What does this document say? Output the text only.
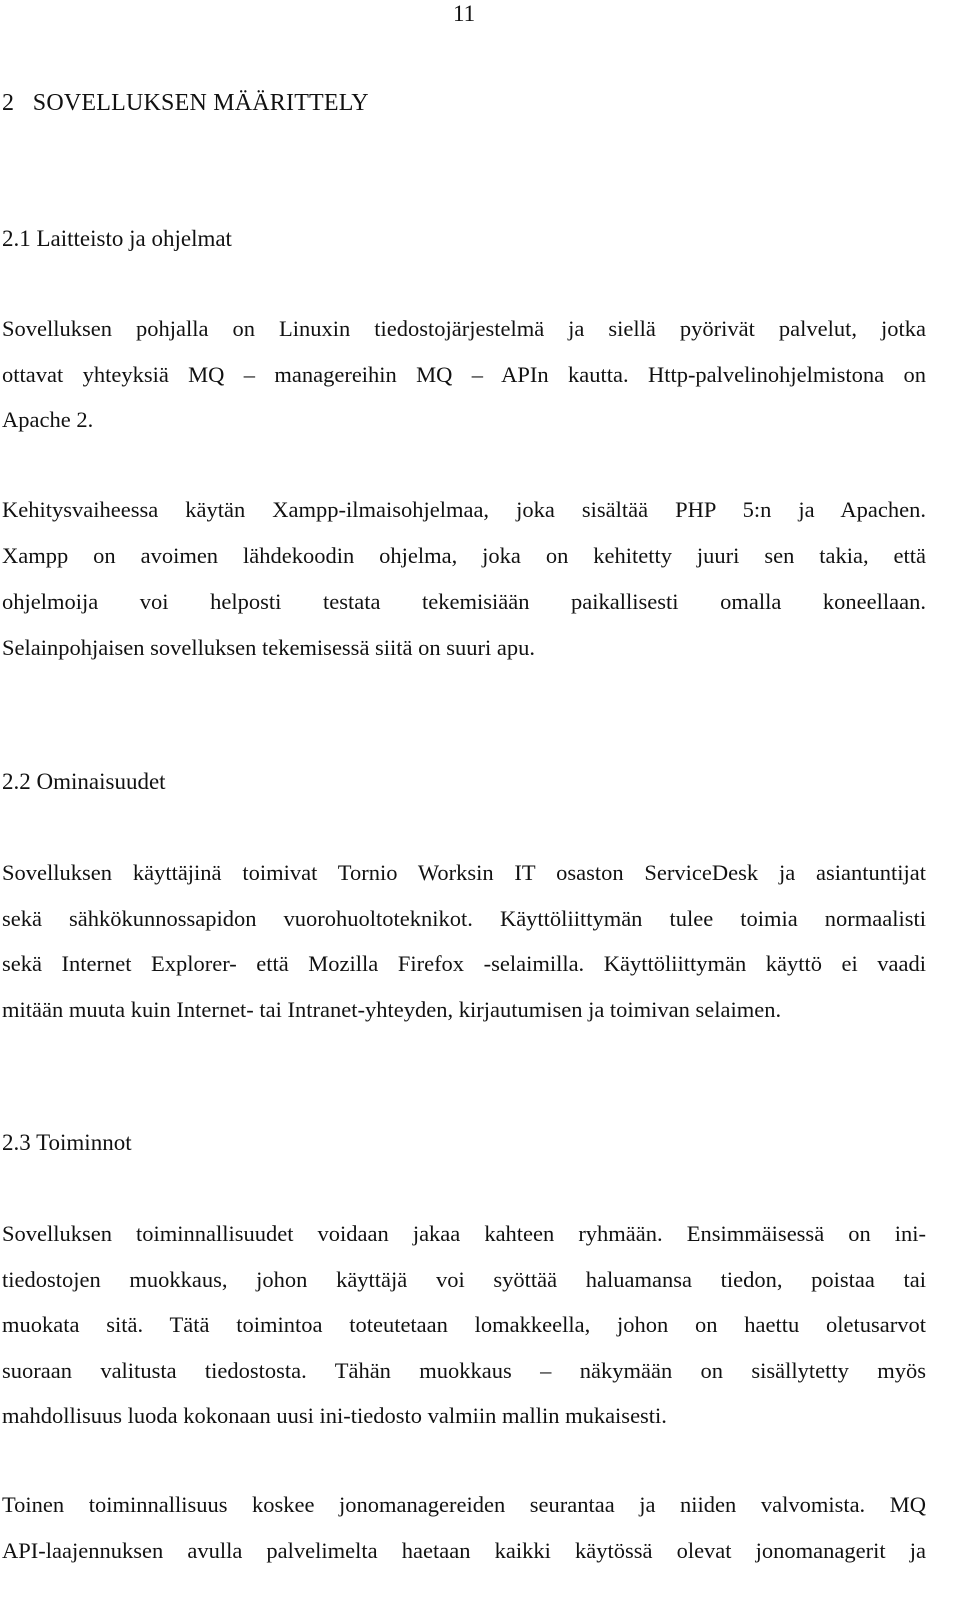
11
2   SOVELLUKSEN MÄÄRITTELY
2.1 Laitteisto ja ohjelmat
Sovelluksen pohjalla on Linuxin tiedostojärjestelmä ja siellä pyörivät palvelut, jotka
ottavat yhteyksiä MQ – managereihin MQ – APIn kautta. Http-palvelinohjelmistona on
Apache 2.
Kehitysvaiheessa käytän Xampp-ilmaisohjelmaa, joka sisältää PHP 5:n ja Apachen.
Xampp on avoimen lähdekoodin ohjelma, joka on kehitetty juuri sen takia, että
ohjelmoija voi helposti testata tekemisiään paikallisesti omalla koneellaan.
Selainpohjaisen sovelluksen tekemisessä siitä on suuri apu.
2.2 Ominaisuudet
Sovelluksen käyttäjinä toimivat Tornio Worksin IT osaston ServiceDesk ja asiantuntijat
sekä sähkökunnossapidon vuorohuoltoteknikot. Käyttöliittymän tulee toimia normaalisti
sekä Internet Explorer- että Mozilla Firefox -selaimilla. Käyttöliittymän käyttö ei vaadi
mitään muuta kuin Internet- tai Intranet-yhteyden, kirjautumisen ja toimivan selaimen.
2.3 Toiminnot
Sovelluksen toiminnallisuudet voidaan jakaa kahteen ryhmään. Ensimmäisessä on ini-
tiedostojen muokkaus, johon käyttäjä voi syöttää haluamansa tiedon, poistaa tai
muokata sitä. Tätä toimintoa toteutetaan lomakkeella, johon on haettu oletusarvot
suoraan valitusta tiedostosta. Tähän muokkaus – näkymään on sisällytetty myös
mahdollisuus luoda kokonaan uusi ini-tiedosto valmiin mallin mukaisesti.
Toinen toiminnallisuus koskee jonomanagereiden seurantaa ja niiden valvomista. MQ
API-laajennuksen avulla palvelimelta haetaan kaikki käytössä olevat jonomanagerit ja
